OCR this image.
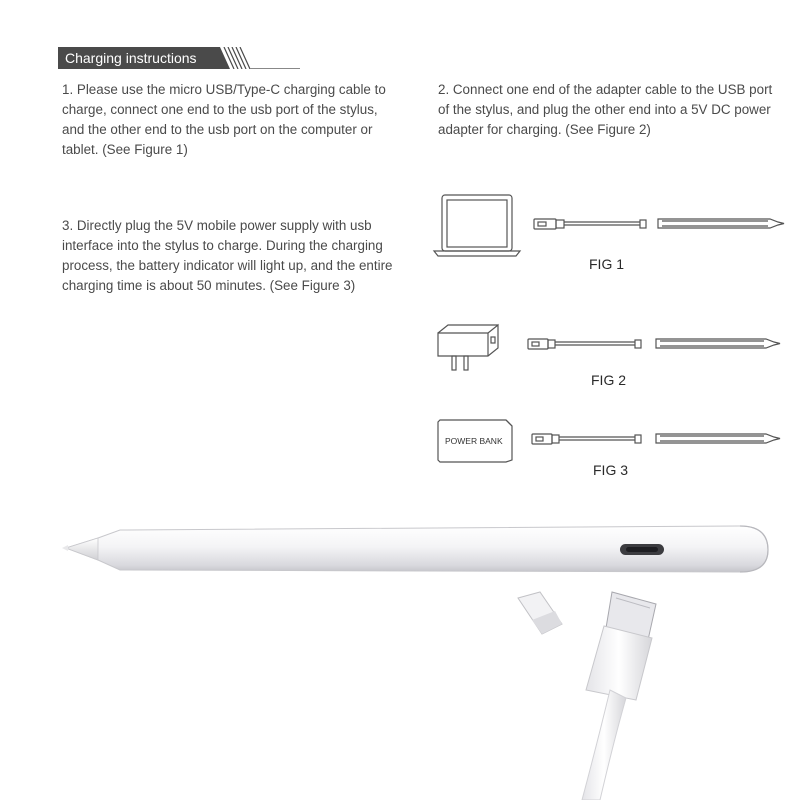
Charging instructions

1. Please use the micro USB/Type-C charging cable to charge, connect one end to the usb port of the stylus, and the other end to the usb port on the computer or tablet. (See Figure 1)

2. Connect one end of the adapter cable to the USB port of the stylus, and plug the other end into a 5V DC power adapter for charging. (See Figure 2)

3. Directly plug the 5V mobile power supply with usb interface into the stylus to charge. During the charging process, the battery indicator will light up, and the entire charging time is about 50 minutes. (See Figure 3)

POWER BANK
FIG 1
FIG 2
FIG 3
